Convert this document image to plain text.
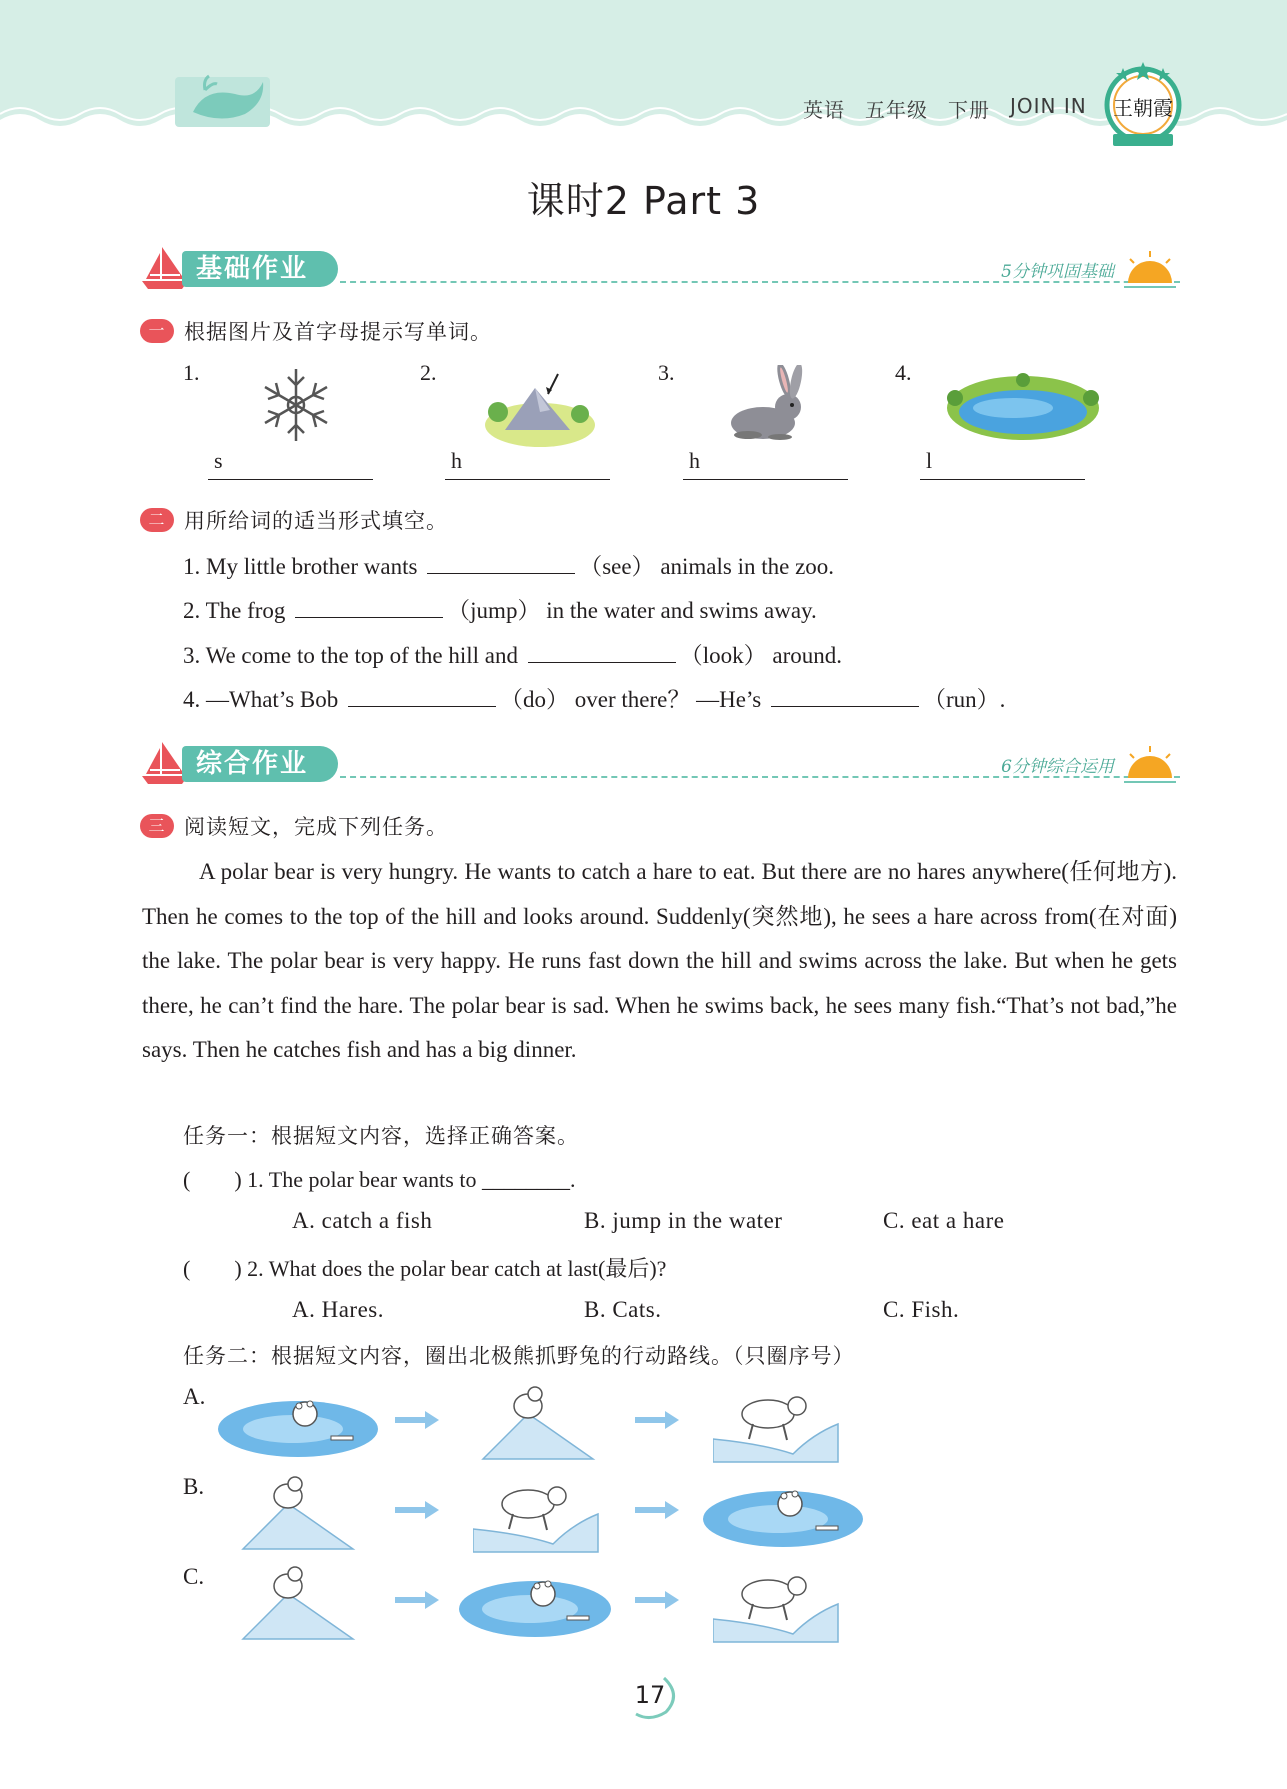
英语 五年级 下册 JOIN IN 王朝霞
课时2 Part 3
基础作业	5分钟巩固基础
一 根据图片及首字母提示写单词。
1.
s
2.
h
3.
h
4.
l
二 用所给词的适当形式填空。
1. My little brother wants	（see） animals in the zoo.
2. The frog	（jump） in the water and swims away.
3. We come to the top of the hill and	（look） around.
4. —What’s Bob	（do） over there？ —He’s	（run）.
综合作业	6分钟综合运用
三 阅读短文，完成下列任务。

A polar bear is very hungry. He wants to catch a hare to eat. But there are no hares anywhere(任何地方). Then he comes to the top of the hill and looks around. Suddenly(突然地), he sees a hare across from(在对面) the lake. The polar bear is very happy. He runs fast down the hill and swims across the lake. But when he gets there, he can’t find the hare. The polar bear is sad. When he swims back, he sees many fish.“That’s not bad,”he says. Then he catches fish and has a big dinner.

任务一：根据短文内容，选择正确答案。
(　　) 1. The polar bear wants to ________.
A. catch a fish	B. jump in the water	C. eat a hare
(　　) 2. What does the polar bear catch at last(最后)?
A. Hares.	B. Cats.	C. Fish.
任务二：根据短文内容，圈出北极熊抓野兔的行动路线。（只圈序号）
A.
B.
C.
17
